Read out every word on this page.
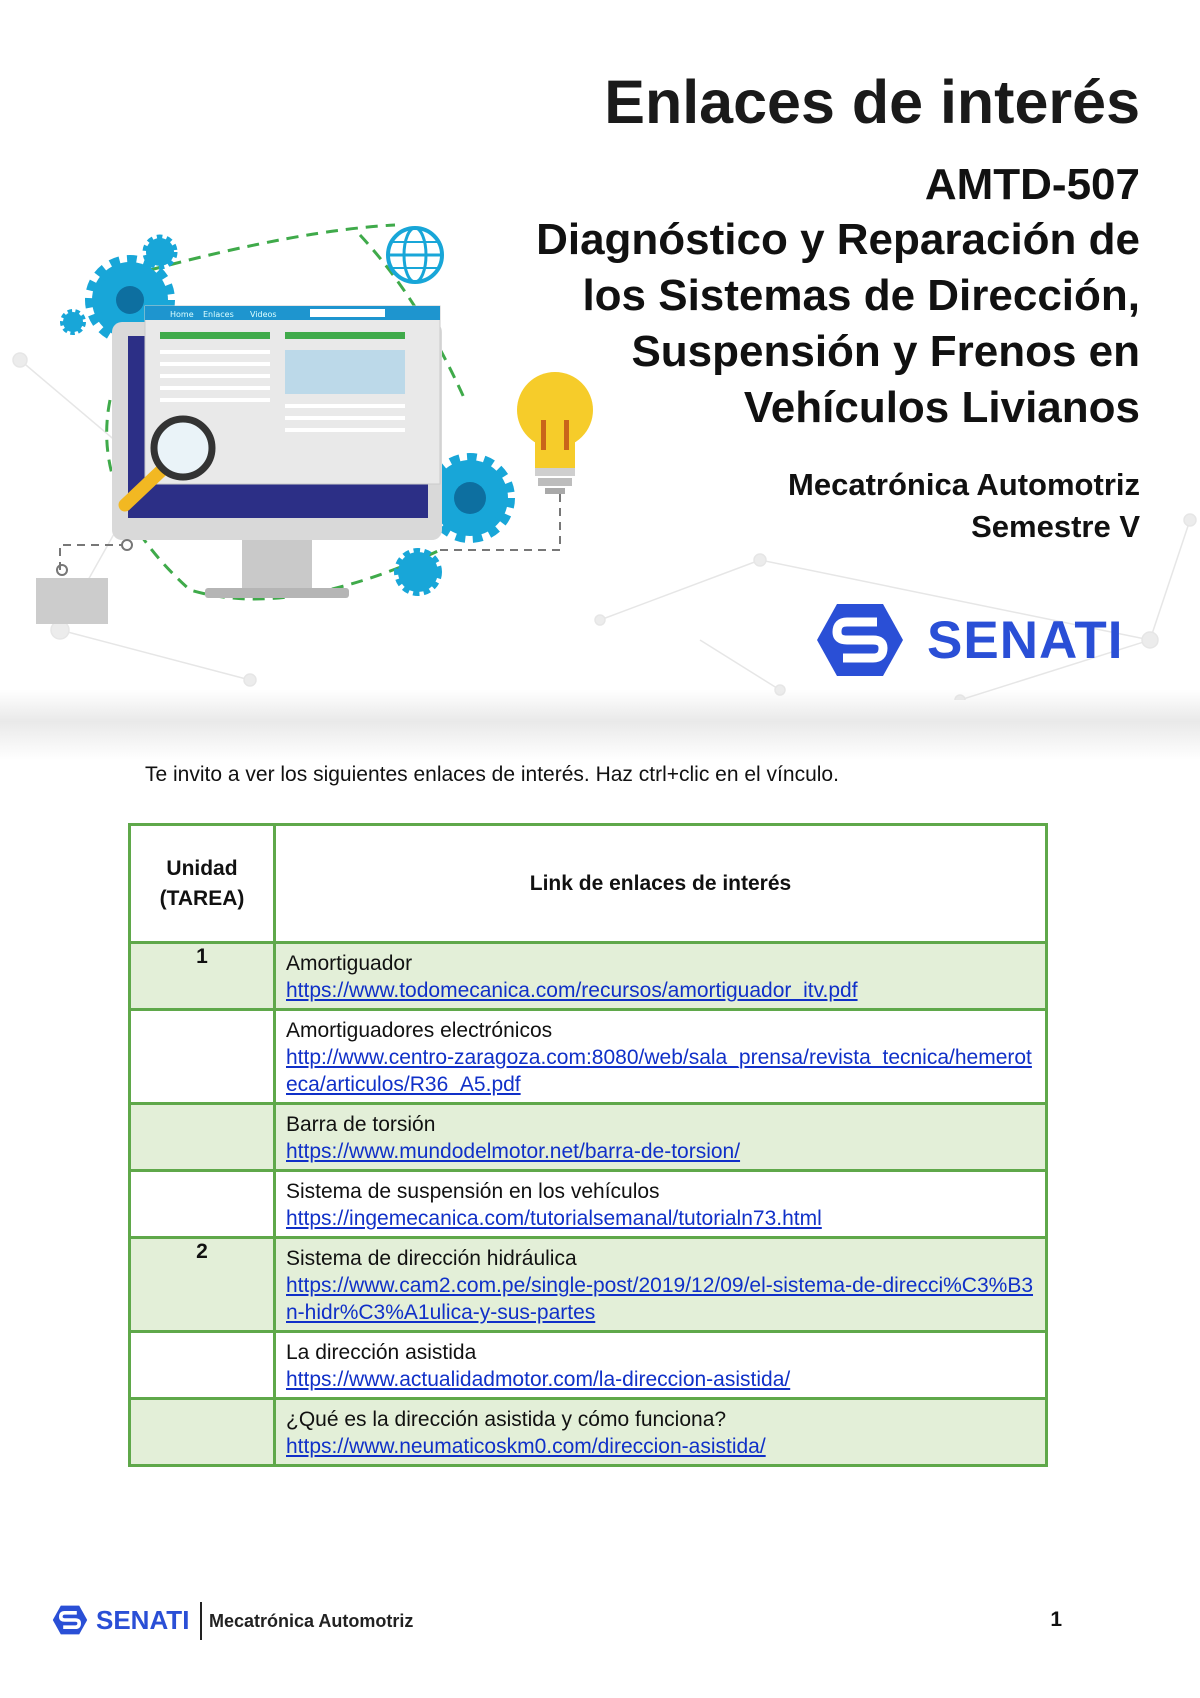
Home Enlaces Videos
Enlaces de interés
AMTD-507
Diagnóstico y Reparación de
los Sistemas de Dirección,
Suspensión y Frenos en
Vehículos Livianos
Mecatrónica Automotriz
Semestre V
SENATI
Te invito a ver los siguientes enlaces de interés. Haz ctrl+clic en el vínculo.
Unidad
(TAREA)	Link de enlaces de interés
1	Amortiguador
https://www.todomecanica.com/recursos/amortiguador_itv.pdf

	Amortiguadores electrónicos
http://www.centro-zaragoza.com:8080/web/sala_prensa/revista_tecnica/hemeroteca/articulos/R36_A5.pdf

	Barra de torsión
https://www.mundodelmotor.net/barra-de-torsion/

	Sistema de suspensión en los vehículos
https://ingemecanica.com/tutorialsemanal/tutorialn73.html

2	Sistema de dirección hidráulica
https://www.cam2.com.pe/single-post/2019/12/09/el-sistema-de-direcci%C3%B3n-hidr%C3%A1ulica-y-sus-partes

	La dirección asistida
https://www.actualidadmotor.com/la-direccion-asistida/

	¿Qué es la dirección asistida y cómo funciona?
https://www.neumaticoskm0.com/direccion-asistida/
SENATI Mecatrónica Automotriz	1
